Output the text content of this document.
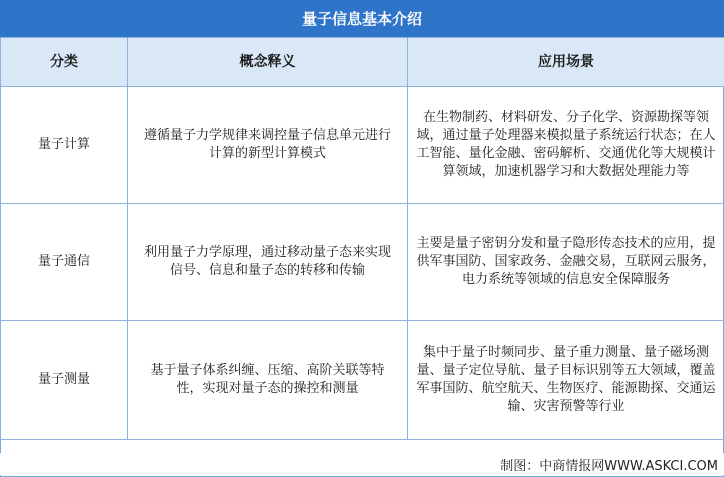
量子信息基本介绍
分类	概念释义	应用场景
量子计算	遵循量子力学规律来调控量子信息单元进行计算的新型计算模式	在生物制药、材料研发、分子化学、资源勘探等领域，通过量子处理器来模拟量子系统运行状态；在人工智能、量化金融、密码解析、交通优化等大规模计算领域，加速机器学习和大数据处理能力等
量子通信	利用量子力学原理，通过移动量子态来实现信号、信息和量子态的转移和传输	主要是量子密钥分发和量子隐形传态技术的应用，提供军事国防、国家政务、金融交易，互联网云服务，电力系统等领域的信息安全保障服务
量子测量	基于量子体系纠缠、压缩、高阶关联等特性，实现对量子态的操控和测量	集中于量子时频同步、量子重力测量、量子磁场测量、量子定位导航、量子目标识别等五大领域，覆盖军事国防、航空航天、生物医疗、能源勘探、交通运输、灾害预警等行业
制图：中商情报网WWW.ASKCI.COM
